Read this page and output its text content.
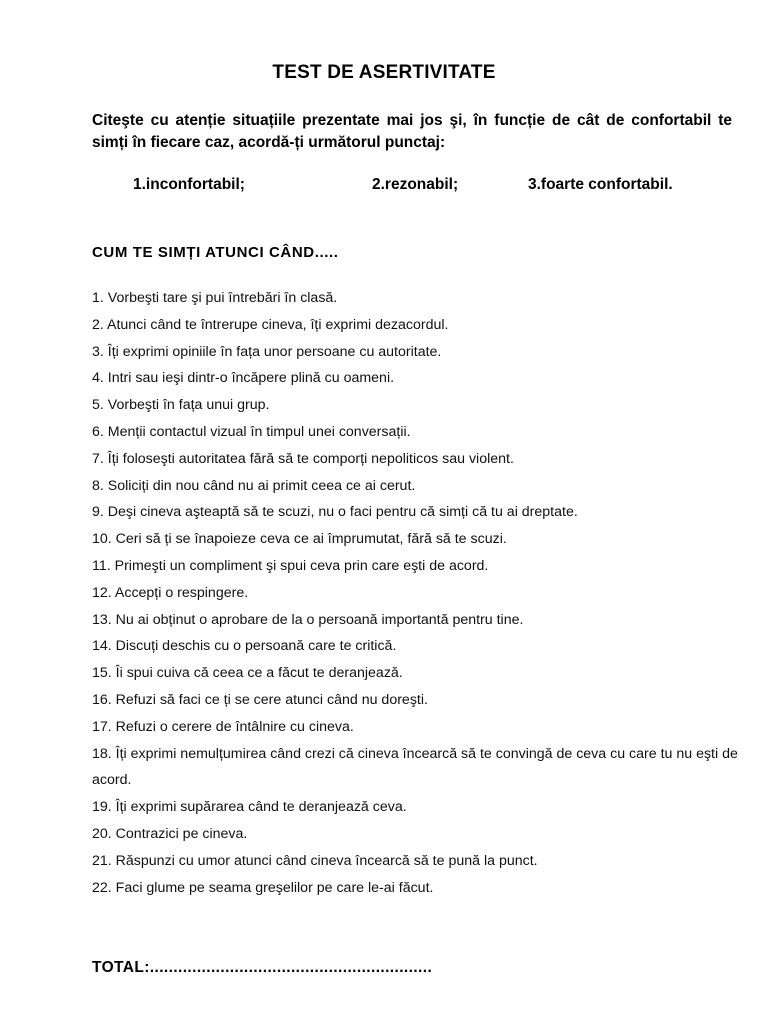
TEST DE ASERTIVITATE
Citeşte cu atenție situațiile prezentate mai jos şi, în funcție de cât de confortabil te simți în fiecare caz, acordă-ți următorul punctaj:
1.inconfortabil;	2.rezonabil;	3.foarte confortabil.
CUM TE SIMȚI ATUNCI CÂND.....
1. Vorbeşti tare şi pui întrebări în clasă.
2. Atunci când te întrerupe cineva, îți exprimi dezacordul.
3. Îți exprimi opiniile în fața unor persoane cu autoritate.
4. Intri sau ieşi dintr-o încăpere plină cu oameni.
5. Vorbeşti în fața unui grup.
6. Menții contactul vizual în timpul unei conversații.
7. Îți foloseşti autoritatea fără să te comporți nepoliticos sau violent.
8. Soliciți din nou când nu ai primit ceea ce ai cerut.
9. Deşi cineva aşteaptă să te scuzi, nu o faci pentru că simți că tu ai dreptate.
10. Ceri să ți se înapoieze ceva ce ai împrumutat, fără să te scuzi.
11. Primeşti un compliment şi spui ceva prin care eşti de acord.
12. Accepți o respingere.
13. Nu ai obținut o aprobare de la o persoană importantă pentru tine.
14. Discuți deschis cu o persoană care te critică.
15. Îi spui cuiva că ceea ce a făcut te deranjează.
16. Refuzi să faci ce ți se cere atunci când nu doreşti.
17. Refuzi o cerere de întâlnire cu cineva.
18. Îți exprimi nemulțumirea când crezi că cineva încearcă să te convingă de ceva cu care tu nu eşti de acord.
19. Îți exprimi supărarea când te deranjează ceva.
20. Contrazici pe cineva.
21. Răspunzi cu umor atunci când cineva încearcă să te pună la punct.
22. Faci glume pe seama greşelilor pe care le-ai făcut.
TOTAL:............................................................
